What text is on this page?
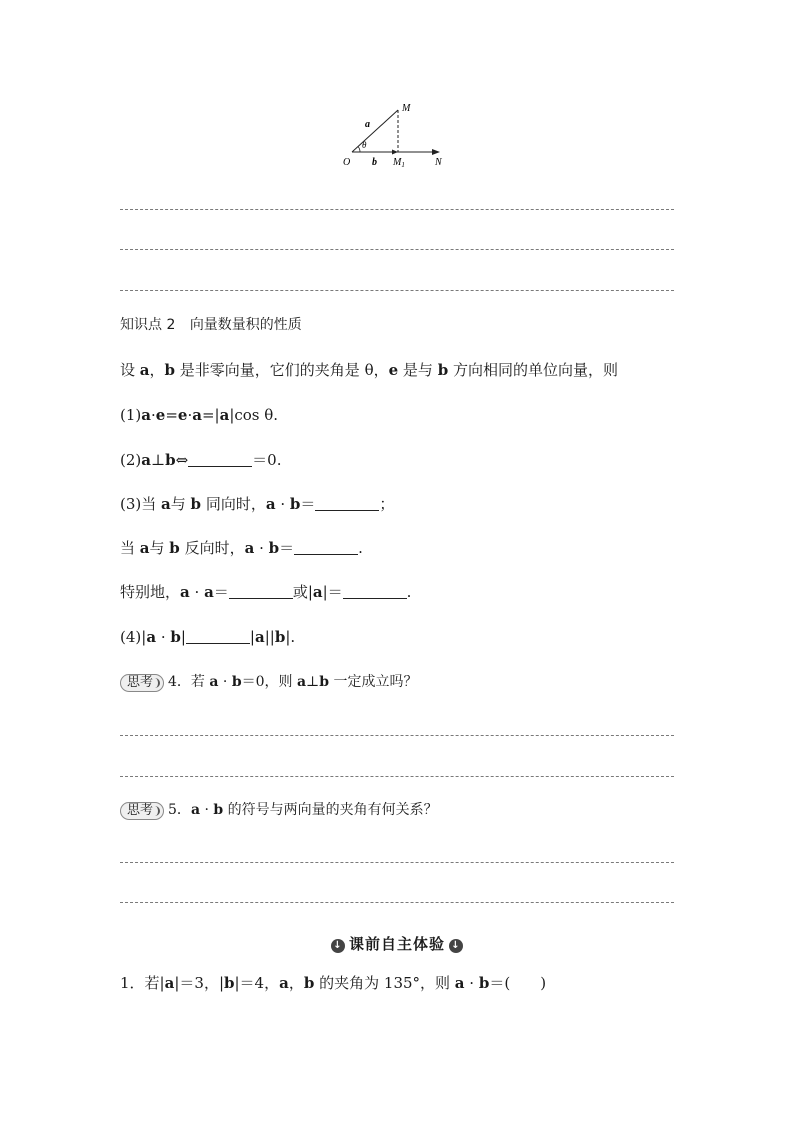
M
a
θ
O b $M_1$	N
知识点 2 向量数量积的性质
设 a，b 是非零向量，它们的夹角是 θ，e 是与 b 方向相同的单位向量，则
(1)a·e=e·a=|a|cos θ.
(2)a⊥b⇔	＝0.
(3)当 a与 b 同向时，a · b＝	；
当 a与 b 反向时，a · b＝	.
特别地，a · a＝	或|a|＝	.
(4)|a · b|	|a||b|.
思考 4．若 a · b＝0，则 a⊥b 一定成立吗？
思考 5．a · b 的符号与两向量的夹角有何关系？
↓ 课前自主体验 ↓
1．若|a|＝3，|b|＝4，a，b 的夹角为 135°，则 a · b＝(　　)
